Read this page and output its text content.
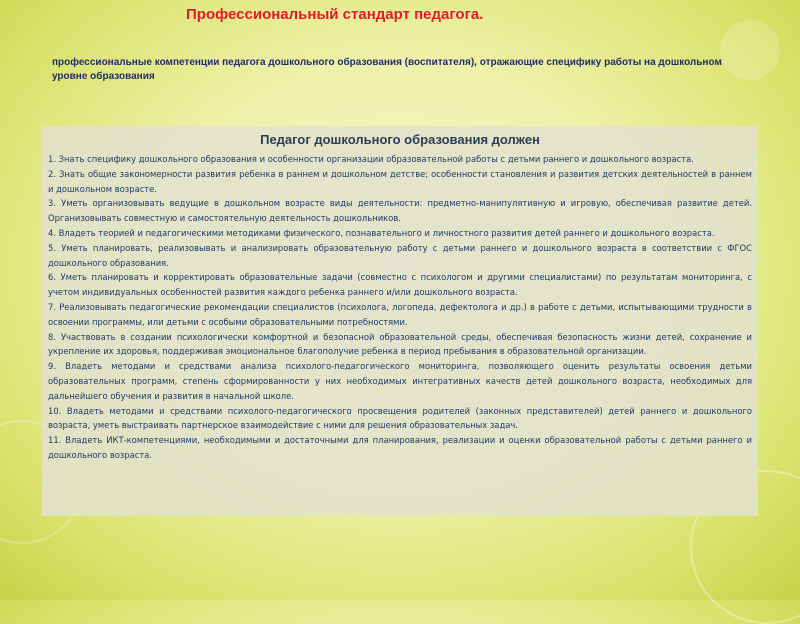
Профессиональный стандарт педагога.
профессиональные компетенции педагога дошкольного образования (воспитателя), отражающие специфику работы на дошкольном уровне образования
Педагог дошкольного образования должен
1. Знать специфику дошкольного образования и особенности организации образовательной работы с детьми раннего и дошкольного возраста.
2. Знать общие закономерности развития ребенка в раннем и дошкольном детстве; особенности становления и развития детских деятельностей в раннем и дошкольном возрасте.
3. Уметь организовывать ведущие в дошкольном возрасте виды деятельности: предметно-манипулятивную и игровую, обеспечивая развитие детей. Организовывать совместную и самостоятельную деятельность дошкольников.
4. Владеть теорией и педагогическими методиками физического, познавательного и личностного развития детей раннего и дошкольного возраста.
5. Уметь планировать, реализовывать и анализировать образовательную работу с детьми раннего и дошкольного возраста в соответствии с ФГОС дошкольного образования.
6. Уметь планировать и корректировать образовательные задачи (совместно с психологом и другими специалистами) по результатам мониторинга, с учетом индивидуальных особенностей развития каждого ребенка раннего и/или дошкольного возраста.
7. Реализовывать педагогические рекомендации специалистов (психолога, логопеда, дефектолога и др.) в работе с детьми, испытывающими трудности в освоении программы, или детьми с особыми образовательными потребностями.
8. Участвовать в создании психологически комфортной и безопасной образовательной среды, обеспечивая безопасность жизни детей, сохранение и укрепление их здоровья, поддерживая эмоциональное благополучие ребенка в период пребывания в образовательной организации.
9. Владеть методами и средствами анализа психолого-педагогического мониторинга, позволяющего оценить результаты освоения детьми образовательных программ, степень сформированности у них необходимых интегративных качеств детей дошкольного возраста, необходимых для дальнейшего обучения и развития в начальной школе.
10. Владеть методами и средствами психолого-педагогического просвещения родителей (законных представителей) детей раннего и дошкольного возраста, уметь выстраивать партнерское взаимодействие с ними для решения образовательных задач.
11. Владеть ИКТ-компетенциями, необходимыми и достаточными для планирования, реализации и оценки образовательной работы с детьми раннего и дошкольного возраста.
